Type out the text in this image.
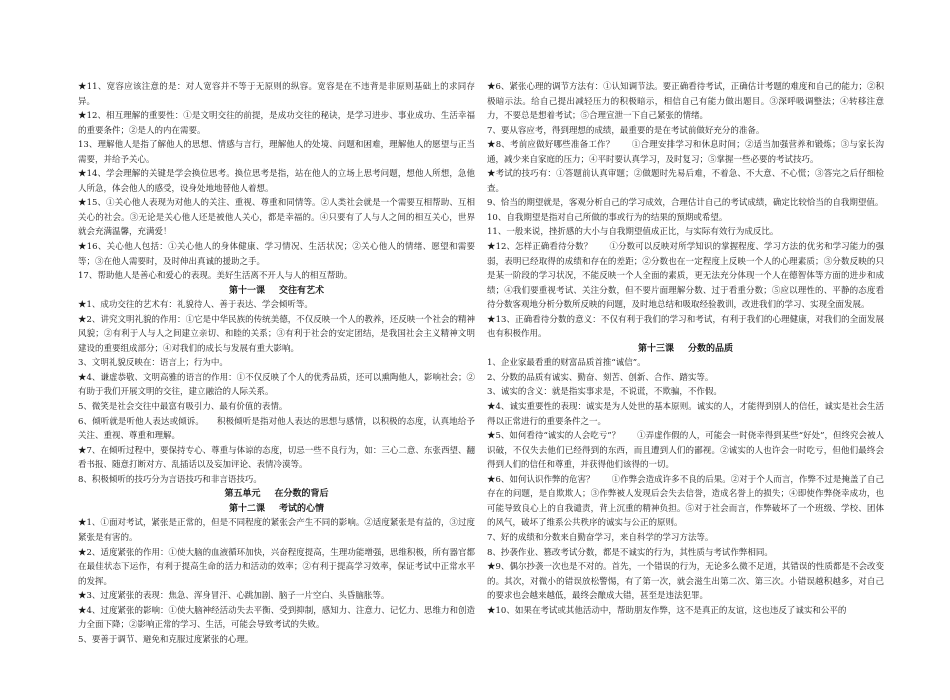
★11、宽容应该注意的是：对人宽容并不等于无原则的纵容。宽容是在不违背是非原则基础上的求同存异。
★12、相互理解的重要性：①是文明交往的前提，是成功交往的秘诀，是学习进步、事业成功、生活幸福的重要条件；②是人的内在需要。
13、理解他人是指了解他人的思想、情感与言行，理解他人的处境、问题和困难，理解他人的愿望与正当需要，并给予关心。
★14、学会理解的关键是学会换位思考。换位思考是指，站在他人的立场上思考问题，想他人所想，急他人所急，体会他人的感受，设身处地地替他人着想。
★15、①关心他人表现为对他人的关注、重视、尊重和同情等。②人类社会就是一个需要互相帮助、互相关心的社会。③无论是关心他人还是被他人关心，都是幸福的。④只要有了人与人之间的相互关心，世界就会充满温馨，充满爱！
★16、关心他人包括：①关心他人的身体健康、学习情况、生活状况；②关心他人的情绪、愿望和需要等；③在他人需要时，及时伸出真诚的援助之手。
17、帮助他人是善心和爱心的表现。美好生活离不开人与人的相互帮助。
第十一课 交往有艺术
★1、成功交往的艺术有：礼貌待人、善于表达、学会倾听等。
★2、讲究文明礼貌的作用：①它是中华民族的传统美德，不仅反映一个人的教养，还反映一个社会的精神风貌；②有利于人与人之间建立亲切、和睦的关系；③有利于社会的安定团结，是我国社会主义精神文明建设的重要组成部分；④对我们的成长与发展有重大影响。
3、文明礼貌反映在：语言上；行为中。
★4、谦虚恭敬、文明高雅的语言的作用：①不仅反映了个人的优秀品质，还可以熏陶他人，影响社会；②有助于我们开展文明的交往，建立融洽的人际关系。
5、微笑是社会交往中最富有吸引力、最有价值的表情。
6、倾听就是听他人表达或倾诉。　　积极倾听是指对他人表达的思想与感情，以积极的态度，认真地给予关注、重视、尊重和理解。
★7、在倾听过程中，要保持专心、尊重与体谅的态度，切忌一些不良行为，如：三心二意、东张西望、翻看书报、随意打断对方、乱插话以及妄加评论、表情冷漠等。
8、积极倾听的技巧分为言语技巧和非言语技巧。
第五单元 在分数的背后
第十二课 考试的心情
★1、①面对考试，紧张是正常的，但是不同程度的紧张会产生不同的影响。②适度紧张是有益的，③过度紧张是有害的。
★2、适度紧张的作用：①使大脑的血液循环加快，兴奋程度提高，生理功能增强，思维积极，所有器官都在最佳状态下运作，有利于提高生命的活力和活动的效率；②有利于提高学习效率，保证考试中正常水平的发挥。
★3、过度紧张的表现：焦急、浑身冒汗、心跳加剧、脑子一片空白、头昏脑胀等。
★4、过度紧张的影响：①使大脑神经活动失去平衡、受到抑制，感知力、注意力、记忆力、思维力和创造力全面下降；②影响正常的学习、生活，可能会导致考试的失败。
5、要善于调节、避免和克服过度紧张的心理。
★6、紧张心理的调节方法有：①认知调节法。要正确看待考试，正确估计考题的难度和自己的能力；②积极暗示法。给自己提出减轻压力的积极暗示，相信自己有能力做出题目。③深呼吸调整法；④转移注意力，不要总是想着考试；⑤合理宣泄一下自己紧张的情绪。
7、要从容应考，得到理想的成绩，最重要的是在考试前做好充分的准备。
★8、考前应做好哪些准备工作？　　①合理安排学习和休息时间；②适当加强营养和锻炼；③与家长沟通，减少来自家庭的压力；④平时要认真学习，及时复习；⑤掌握一些必要的考试技巧。
★考试的技巧有：①答题前认真审题；②做题时先易后难，不着急、不大意、不心慌；③答完之后仔细检查。
9、恰当的期望就是，客观分析自己的学习成效，合理估计自己的考试成绩，确定比较恰当的自我期望值。
10、自我期望是指对自己所做的事或行为的结果的预期或希望。
11、一般来说，挫折感的大小与自我期望值成正比，与实际有效行为成反比。
★12、怎样正确看待分数？　　①分数可以反映对所学知识的掌握程度、学习方法的优劣和学习能力的强弱，表明已经取得的成绩和存在的差距；②分数也在一定程度上反映一个人的心理素质；③分数反映的只是某一阶段的学习状况，不能反映一个人全面的素质，更无法充分体现一个人在德智体等方面的进步和成绩；④我们要重视考试、关注分数，但不要片面理解分数、过于看重分数；⑤应以理性的、平静的态度看待分数客观地分析分数所反映的问题，及时地总结和吸取经验教训，改进我们的学习、实现全面发展。
★13、正确看待分数的意义：不仅有利于我们的学习和考试，有利于我们的心理健康，对我们的全面发展也有积极作用。
第十三课 分数的品质
1、企业家最看重的财富品质首推“诚信”。
2、分数的品质有诚实、勤奋、刻苦、创新、合作、踏实等。
3、诚实的含义：就是指实事求是，不说谎，不欺骗，不作假。
★4、诚实重要性的表现：诚实是为人处世的基本原则。诚实的人，才能得到别人的信任，诚实是社会生活得以正常进行的重要条件之一。
★5、如何看待“诚实的人会吃亏”？　　①弄虚作假的人，可能会一时侥幸得到某些“好处”，但终究会被人识破，不仅失去他们已经得到的东西，而且遭到人们的鄙视。②诚实的人也许会一时吃亏，但他们最终会得到人们的信任和尊重，并获得他们该得的一切。
★6、如何认识作弊的危害？　　①作弊会造成许多不良的后果。②对于个人而言，作弊不过是掩盖了自己存在的问题，是自欺欺人；③作弊被人发现后会失去信誉，造成名誉上的损失；④即使作弊侥幸成功，也可能导致良心上的自我谴责，背上沉重的精神负担。⑤对于社会而言，作弊破坏了一个班级、学校、团体的风气，破坏了维系公共秩序的诚实与公正的原则。
7、好的成绩和分数来自勤奋学习，来自科学的学习方法等。
8、抄袭作业、篡改考试分数，都是不诚实的行为，其性质与考试作弊相同。
★9、偶尔抄袭一次也是不对的。首先，一个错误的行为，无论多么微不足道，其错误的性质都是不会改变的。其次，对微小的错误放松警惕，有了第一次，就会滋生出第二次、第三次。小错误越积越多，对自己的要求也会越来越低，最终会酿成大错，甚至是违法犯罪。
★10、如果在考试或其他活动中，帮助朋友作弊，这不是真正的友谊，这也违反了诚实和公平的
